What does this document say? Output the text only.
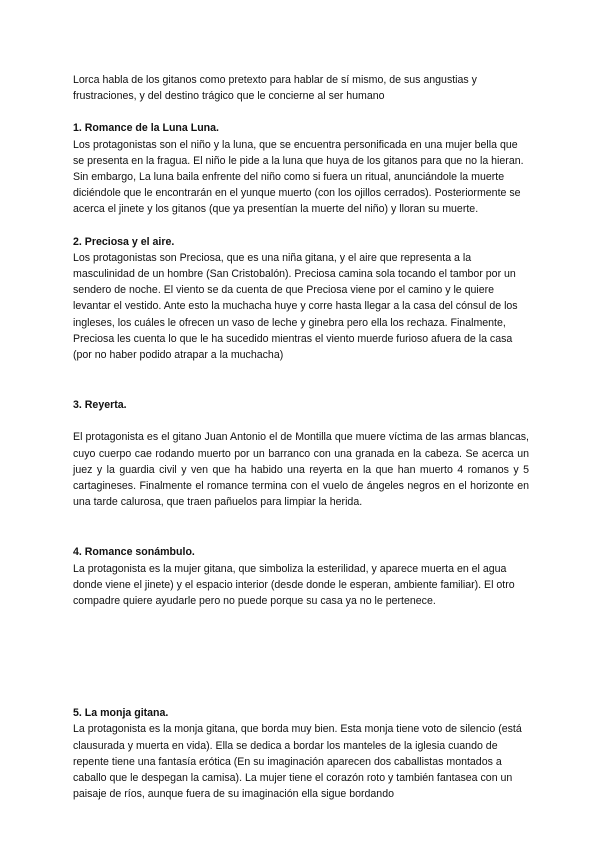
Lorca habla de los gitanos como pretexto para hablar de sí mismo, de sus angustias y frustraciones, y del destino trágico que le concierne al ser humano

1. Romance de la Luna Luna.

Los protagonistas son el niño y la luna, que se encuentra personificada en una mujer bella que se presenta en la fragua. El niño le pide a la luna que huya de los gitanos para que no la hieran. Sin embargo, La luna baila enfrente del niño como si fuera un ritual, anunciándole la muerte diciéndole que le encontrarán en el yunque muerto (con los ojillos cerrados). Posteriormente se acerca el jinete y los gitanos (que ya presentían la muerte del niño) y lloran su muerte.

2. Preciosa y el aire.

Los protagonistas son Preciosa, que es una niña gitana, y el aire que representa a la masculinidad de un hombre (San Cristobalón). Preciosa camina sola tocando el tambor por un sendero de noche. El viento se da cuenta de que Preciosa viene por el camino y le quiere levantar el vestido. Ante esto la muchacha huye y corre hasta llegar a la casa del cónsul de los ingleses, los cuáles le ofrecen un vaso de leche y ginebra pero ella los rechaza. Finalmente, Preciosa les cuenta lo que le ha sucedido mientras el viento muerde furioso afuera de la casa (por no haber podido atrapar a la muchacha)

3. Reyerta.

El protagonista es el gitano Juan Antonio el de Montilla que muere víctima de las armas blancas, cuyo cuerpo cae rodando muerto por un barranco con una granada en la cabeza. Se acerca un juez y la guardia civil y ven que ha habido una reyerta en la que han muerto 4 romanos y 5 cartagineses. Finalmente el romance termina con el vuelo de ángeles negros en el horizonte en una tarde calurosa, que traen pañuelos para limpiar la herida.

4. Romance sonámbulo.

La protagonista es la mujer gitana, que simboliza la esterilidad, y aparece muerta en el agua donde viene el jinete) y el espacio interior (desde donde le esperan, ambiente familiar). El otro compadre quiere ayudarle pero no puede porque su casa ya no le pertenece.

5. La monja gitana.

La protagonista es la monja gitana, que borda muy bien. Esta monja tiene voto de silencio (está clausurada y muerta en vida). Ella se dedica a bordar los manteles de la iglesia cuando de repente tiene una fantasía erótica (En su imaginación aparecen dos caballistas montados a caballo que le despegan la camisa). La mujer tiene el corazón roto y también fantasea con un paisaje de ríos, aunque fuera de su imaginación ella sigue bordando
